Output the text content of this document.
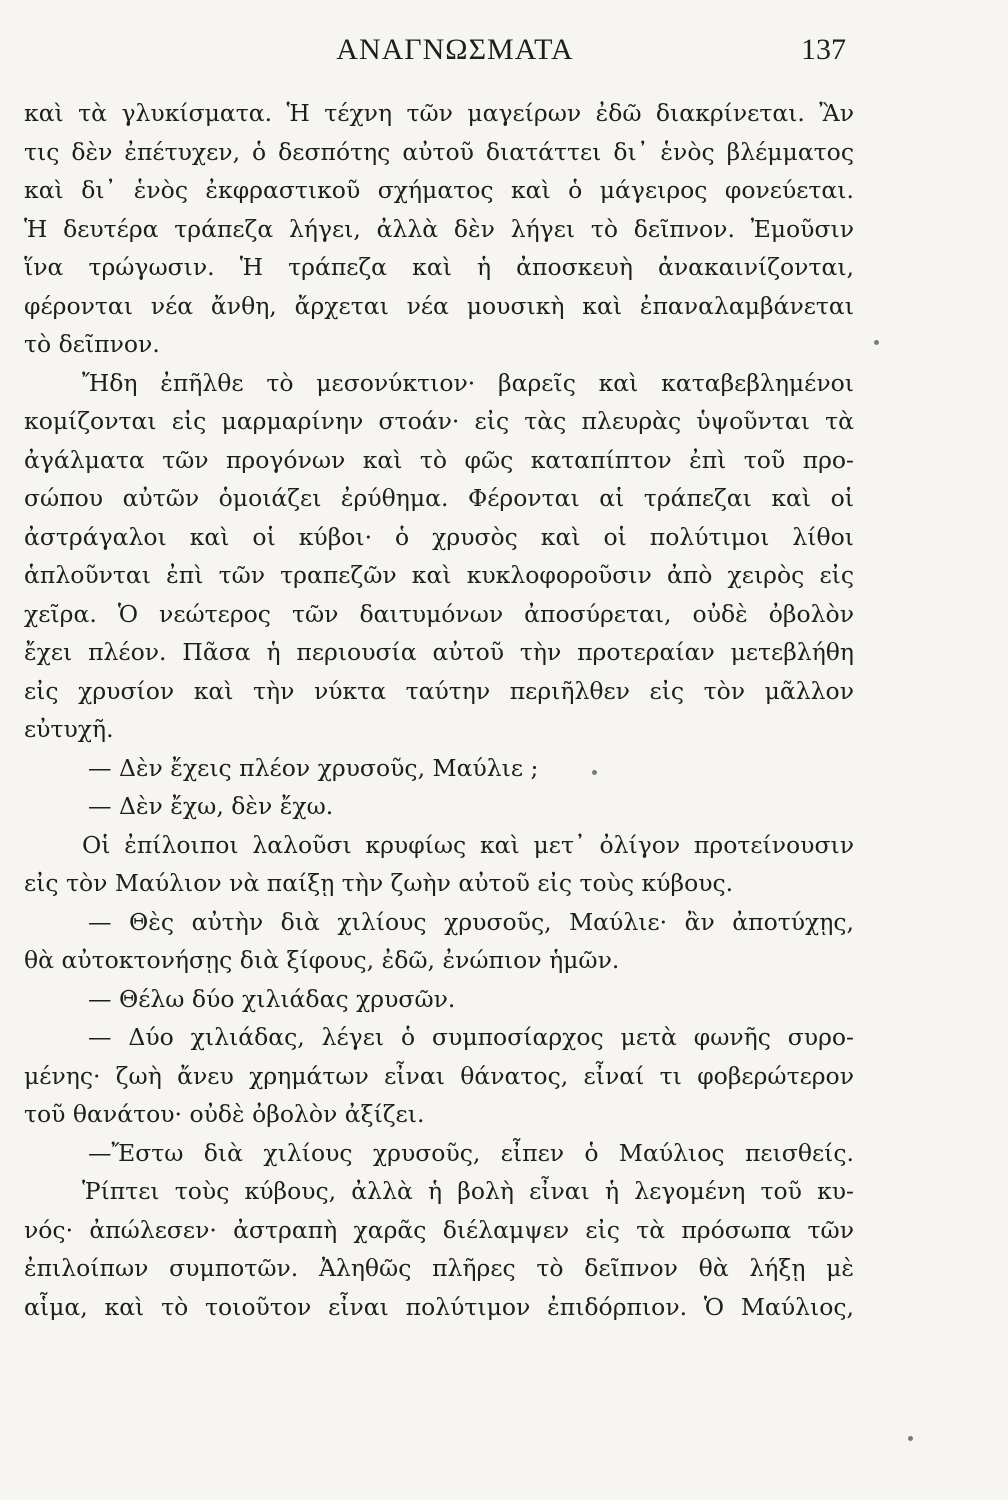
ΑΝΑΓΝΩΣΜΑΤΑ	137
καὶ τὰ γλυκίσματα. Ἡ τέχνη τῶν μαγείρων ἐδῶ διακρίνεται. Ἂν
τις δὲν ἐπέτυχεν, ὁ δεσπότης αὐτοῦ διατάττει δι᾽ ἑνὸς βλέμματος
καὶ δι᾽ ἑνὸς ἐκφραστικοῦ σχήματος καὶ ὁ μάγειρος φονεύεται.
Ἡ δευτέρα τράπεζα λήγει, ἀλλὰ δὲν λήγει τὸ δεῖπνον. Ἐμοῦσιν
ἵνα τρώγωσιν. Ἡ τράπεζα καὶ ἡ ἀποσκευὴ ἀνακαινίζονται,
φέρονται νέα ἄνθη, ἄρχεται νέα μουσικὴ καὶ ἐπαναλαμβάνεται
τὸ δεῖπνον.
Ἤδη ἐπῆλθε τὸ μεσονύκτιον· βαρεῖς καὶ καταβεβλημένοι
κομίζονται εἰς μαρμαρίνην στοάν· εἰς τὰς πλευρὰς ὑψοῦνται τὰ
ἀγάλματα τῶν προγόνων καὶ τὸ φῶς καταπίπτον ἐπὶ τοῦ προ-
σώπου αὐτῶν ὁμοιάζει ἐρύθημα. Φέρονται αἱ τράπεζαι καὶ οἱ
ἀστράγαλοι καὶ οἱ κύβοι· ὁ χρυσὸς καὶ οἱ πολύτιμοι λίθοι
ἁπλοῦνται ἐπὶ τῶν τραπεζῶν καὶ κυκλοφοροῦσιν ἀπὸ χειρὸς εἰς
χεῖρα. Ὁ νεώτερος τῶν δαιτυμόνων ἀποσύρεται, οὐδὲ ὀβολὸν
ἔχει πλέον. Πᾶσα ἡ περιουσία αὐτοῦ τὴν προτεραίαν μετεβλήθη
εἰς χρυσίον καὶ τὴν νύκτα ταύτην περιῆλθεν εἰς τὸν μᾶλλον
εὐτυχῆ.
— Δὲν ἔχεις πλέον χρυσοῦς, Μαύλιε ;
— Δὲν ἔχω, δὲν ἔχω.
Οἱ ἐπίλοιποι λαλοῦσι κρυφίως καὶ μετ᾽ ὀλίγον προτείνουσιν
εἰς τὸν Μαύλιον νὰ παίξῃ τὴν ζωὴν αὐτοῦ εἰς τοὺς κύβους.
— Θὲς αὐτὴν διὰ χιλίους χρυσοῦς, Μαύλιε· ἂν ἀποτύχῃς,
θὰ αὐτοκτονήσῃς διὰ ξίφους, ἐδῶ, ἐνώπιον ἡμῶν.
— Θέλω δύο χιλιάδας χρυσῶν.
— Δύο χιλιάδας, λέγει ὁ συμποσίαρχος μετὰ φωνῆς συρο-
μένης· ζωὴ ἄνευ χρημάτων εἶναι θάνατος, εἶναί τι φοβερώτερον
τοῦ θανάτου· οὐδὲ ὀβολὸν ἀξίζει.
—Ἔστω διὰ χιλίους χρυσοῦς, εἶπεν ὁ Μαύλιος πεισθείς.
Ῥίπτει τοὺς κύβους, ἀλλὰ ἡ βολὴ εἶναι ἡ λεγομένη τοῦ κυ-
νός· ἀπώλεσεν· ἀστραπὴ χαρᾶς διέλαμψεν εἰς τὰ πρόσωπα τῶν
ἐπιλοίπων συμποτῶν. Ἀληθῶς πλῆρες τὸ δεῖπνον θὰ λήξῃ μὲ
αἷμα, καὶ τὸ τοιοῦτον εἶναι πολύτιμον ἐπιδόρπιον. Ὁ Μαύλιος,
